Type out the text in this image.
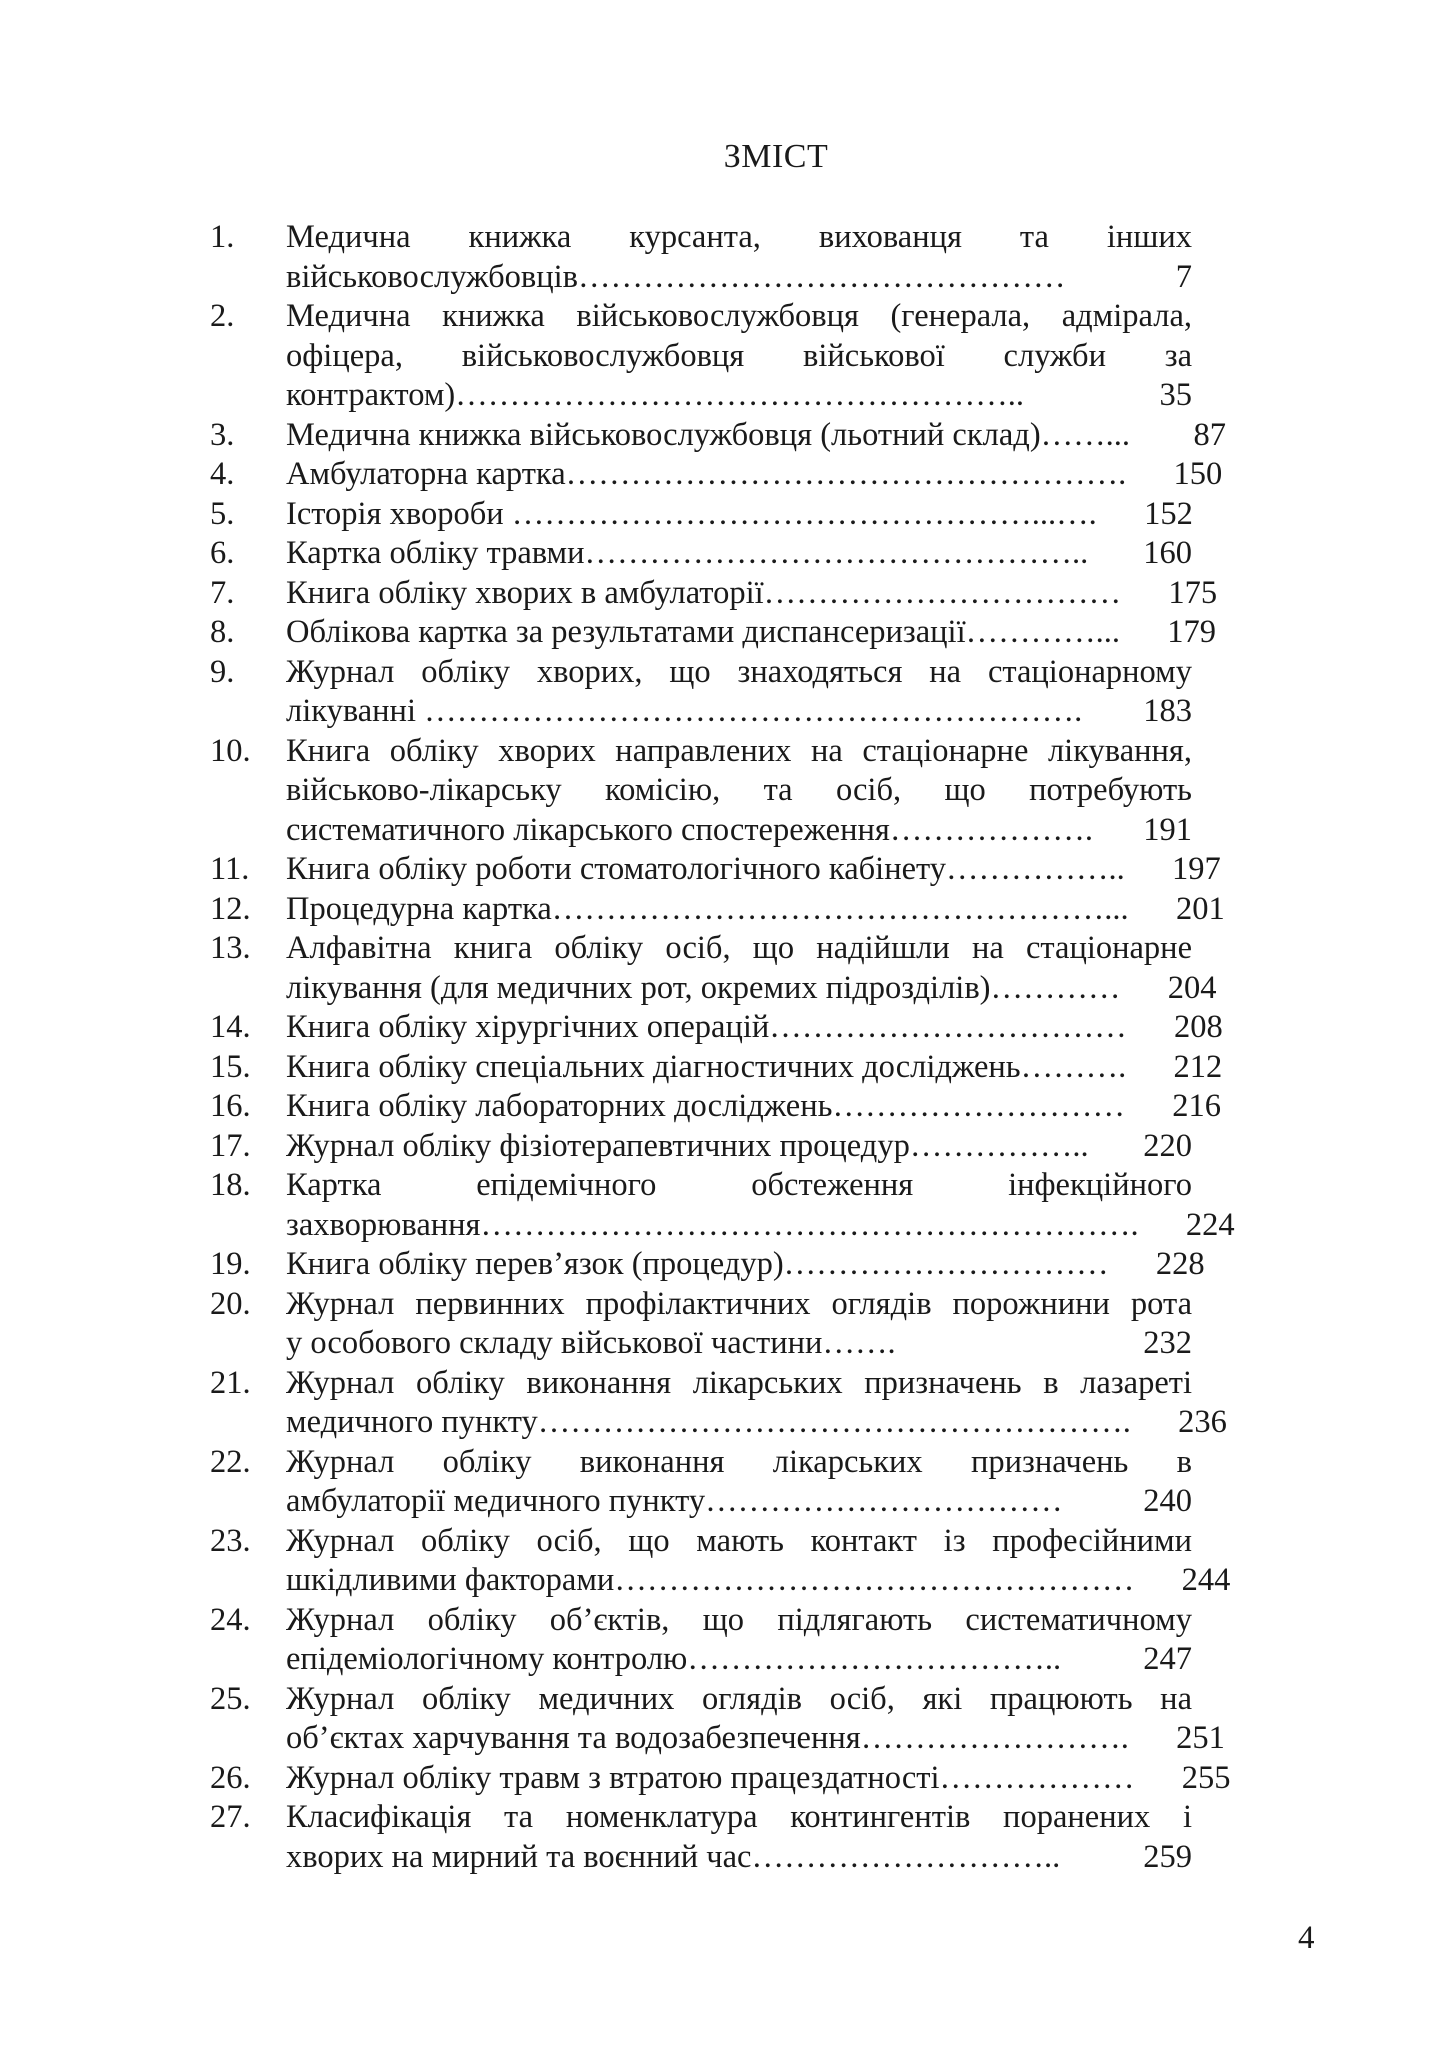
ЗМІСТ
1.	Медична книжка курсанта, вихованця та інших
військовослужбовців………………………………………	7
2.	Медична книжка військовослужбовця (генерала, адмірала,
офіцера, військовослужбовця військової служби за
контрактом)……………………………………………..	35
3.	Медична книжка військовослужбовця (льотний склад)……...	87
4.	Амбулаторна картка…………………………………………….	150
5.	Історія хвороби …………………………………………...….	152
6.	Картка обліку травми………………………………………..	160
7.	Книга обліку хворих в амбулаторії……………………………	175
8.	Облікова картка за результатами диспансеризації…………...	179
9.	Журнал обліку хворих, що знаходяться на стаціонарному
лікуванні …………………………………………………….	183
10.	Книга обліку хворих направлених на стаціонарне лікування,
військово-лікарську комісію, та осіб, що потребують
систематичного лікарського спостереження……………….	191
11.	Книга обліку роботи стоматологічного кабінету……………..	197
12.	Процедурна картка……………………………………………...	201
13.	Алфавітна книга обліку осіб, що надійшли на стаціонарне
лікування (для медичних рот, окремих підрозділів)…………	204
14.	Книга обліку хірургічних операцій……………………………	208
15.	Книга обліку спеціальних діагностичних досліджень……….	212
16.	Книга обліку лабораторних досліджень………………………	216
17.	Журнал обліку фізіотерапевтичних процедур……………..	220
18.	Картка епідемічного обстеження інфекційного
захворювання…………………………………………………….	224
19.	Книга обліку перев’язок (процедур)…………………………	228
20.	Журнал первинних профілактичних оглядів порожнини рота
у особового складу військової частини…….	232
21.	Журнал обліку виконання лікарських призначень в лазареті
медичного пункту……………………………………………….	236
22.	Журнал обліку виконання лікарських призначень в
амбулаторії медичного пункту……………………………	240
23.	Журнал обліку осіб, що мають контакт із професійними
шкідливими факторами…………………………………………	244
24.	Журнал обліку об’єктів, що підлягають систематичному
епідеміологічному контролю……………………………..	247
25.	Журнал обліку медичних оглядів осіб, які працюють на
об’єктах харчування та водозабезпечення…………………….	251
26.	Журнал обліку травм з втратою працездатності………………	255
27.	Класифікація та номенклатура контингентів поранених і
хворих на мирний та воєнний час………………………..	259
4
